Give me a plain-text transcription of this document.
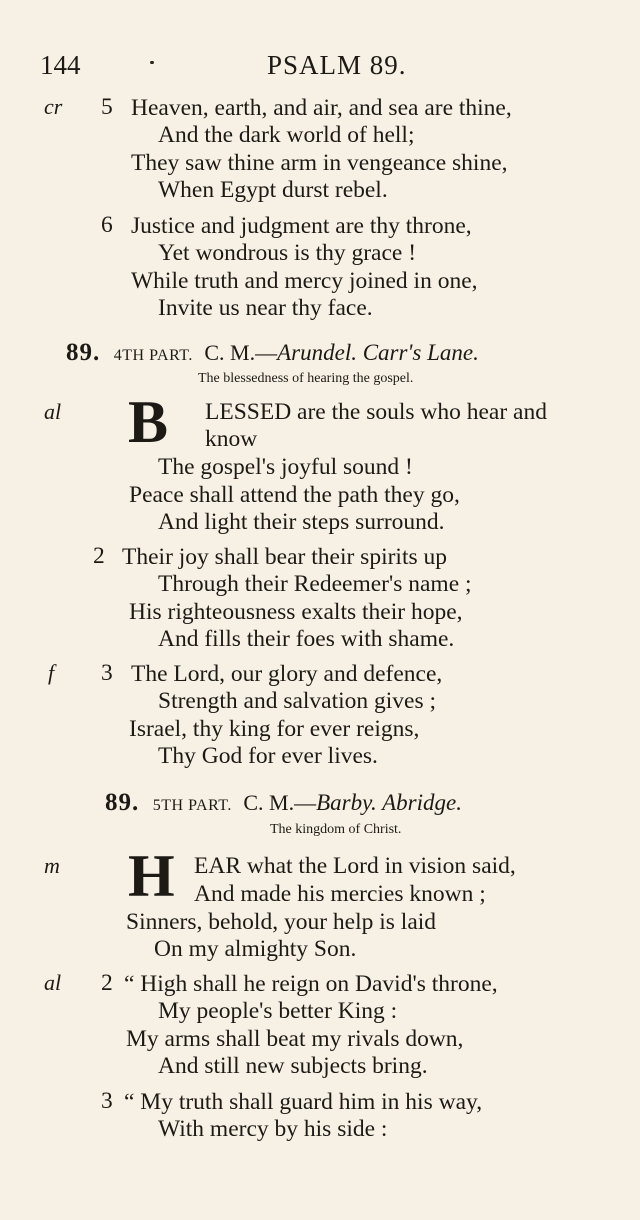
144	PSALM 89.
cr 5 Heaven, earth, and air, and sea are thine,
And the dark world of hell;
They saw thine arm in vengeance shine,
When Egypt durst rebel.
6 Justice and judgment are thy throne,
Yet wondrous is thy grace !
While truth and mercy joined in one,
Invite us near thy face.
89. 4TH PART. C. M.—Arundel. Carr's Lane.
The blessedness of hearing the gospel.
al B LESSED are the souls who hear and
know
The gospel's joyful sound !
Peace shall attend the path they go,
And light their steps surround.
2 Their joy shall bear their spirits up
Through their Redeemer's name ;
His righteousness exalts their hope,
And fills their foes with shame.
f 3 The Lord, our glory and defence,
Strength and salvation gives ;
Israel, thy king for ever reigns,
Thy God for ever lives.
89. 5TH PART. C. M.—Barby. Abridge.
The kingdom of Christ.
m H EAR what the Lord in vision said,
And made his mercies known ;
Sinners, behold, your help is laid
On my almighty Son.
al 2 “ High shall he reign on David's throne,
My people's better King :
My arms shall beat my rivals down,
And still new subjects bring.
3 “ My truth shall guard him in his way,
With mercy by his side :
